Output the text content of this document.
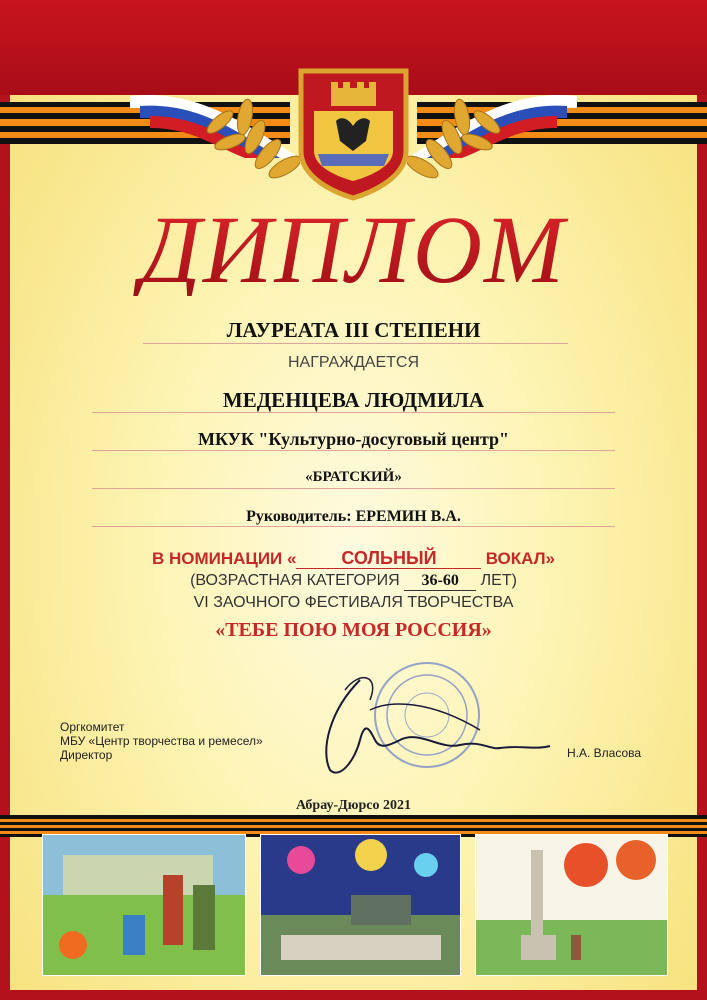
ДИПЛОМ
ЛАУРЕАТА III СТЕПЕНИ
НАГРАЖДАЕТСЯ
МЕДЕНЦЕВА ЛЮДМИЛА
МКУК "Культурно-досуговый центр"
«БРАТСКИЙ»
Руководитель: ЕРЕМИН В.А.
В НОМИНАЦИИ « СОЛЬНЫЙ	ВОКАЛ»
(ВОЗРАСТНАЯ КАТЕГОРИЯ 36-60 ЛЕТ)
VI ЗАОЧНОГО ФЕСТИВАЛЯ ТВОРЧЕСТВА
«ТЕБЕ ПОЮ МОЯ РОССИЯ»
Оргкомитет
МБУ «Центр творчества и ремесел»
Директор	Н.А. Власова
Абрау-Дюрсо 2021
